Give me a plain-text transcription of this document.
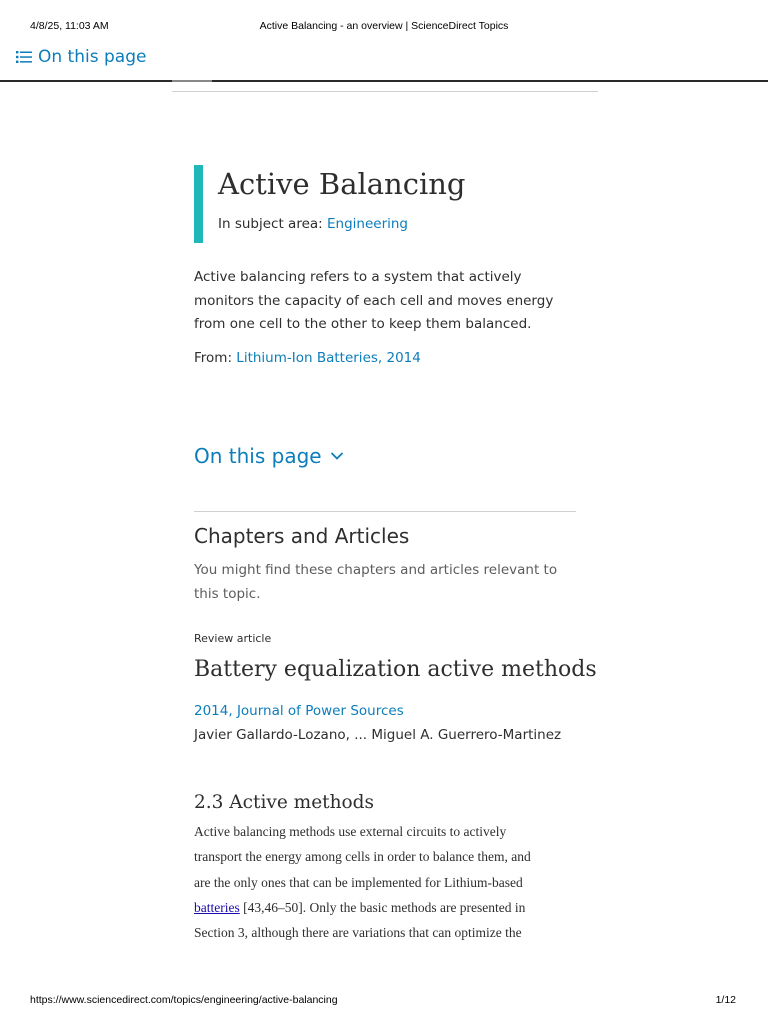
4/8/25, 11:03 AM	Active Balancing - an overview | ScienceDirect Topics
On this page
Active Balancing
In subject area: Engineering

Active balancing refers to a system that actively monitors the capacity of each cell and moves energy from one cell to the other to keep them balanced.

From: Lithium-Ion Batteries, 2014
On this page
Chapters and Articles

You might find these chapters and articles relevant to this topic.

Review article
Battery equalization active methods
2014, Journal of Power Sources
Javier Gallardo-Lozano, ... Miguel A. Guerrero-Martinez
2.3 Active methods
Active balancing methods use external circuits to actively
transport the energy among cells in order to balance them, and
are the only ones that can be implemented for Lithium-based
batteries [43,46–50]. Only the basic methods are presented in
Section 3, although there are variations that can optimize the
https://www.sciencedirect.com/topics/engineering/active-balancing	1/12
